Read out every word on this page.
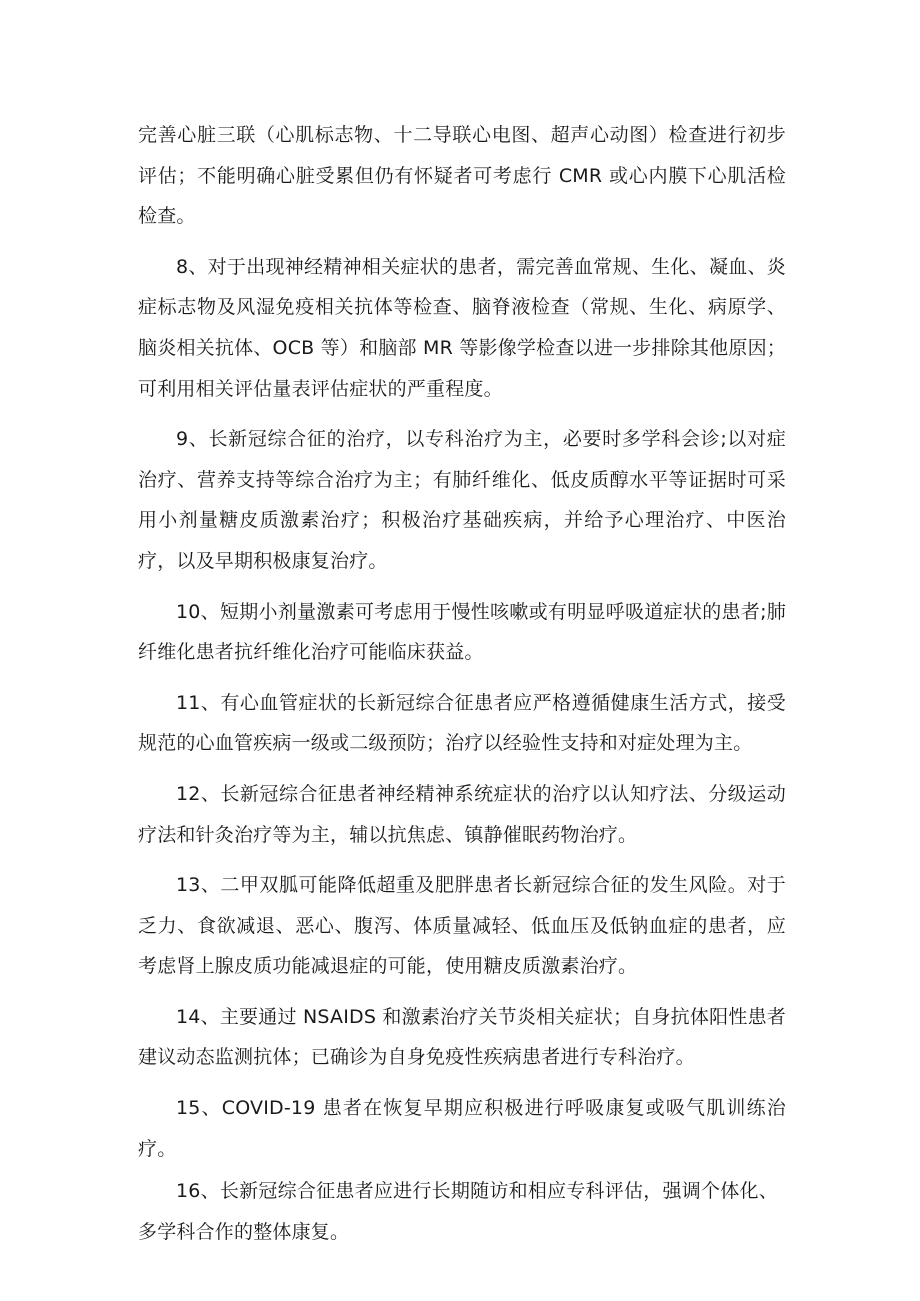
完善心脏三联（心肌标志物、十二导联心电图、超声心动图）检查进行初步评估；不能明确心脏受累但仍有怀疑者可考虑行 CMR 或心内膜下心肌活检检查。

8、对于出现神经精神相关症状的患者，需完善血常规、生化、凝血、炎症标志物及风湿免疫相关抗体等检查、脑脊液检查（常规、生化、病原学、脑炎相关抗体、OCB 等）和脑部 MR 等影像学检查以进一步排除其他原因；可利用相关评估量表评估症状的严重程度。

9、长新冠综合征的治疗，以专科治疗为主，必要时多学科会诊;以对症治疗、营养支持等综合治疗为主；有肺纤维化、低皮质醇水平等证据时可采用小剂量糖皮质激素治疗；积极治疗基础疾病，并给予心理治疗、中医治疗，以及早期积极康复治疗。

10、短期小剂量激素可考虑用于慢性咳嗽或有明显呼吸道症状的患者;肺纤维化患者抗纤维化治疗可能临床获益。

11、有心血管症状的长新冠综合征患者应严格遵循健康生活方式，接受规范的心血管疾病一级或二级预防；治疗以经验性支持和对症处理为主。

12、长新冠综合征患者神经精神系统症状的治疗以认知疗法、分级运动疗法和针灸治疗等为主，辅以抗焦虑、镇静催眠药物治疗。

13、二甲双胍可能降低超重及肥胖患者长新冠综合征的发生风险。对于乏力、食欲减退、恶心、腹泻、体质量减轻、低血压及低钠血症的患者，应考虑肾上腺皮质功能减退症的可能，使用糖皮质激素治疗。

14、主要通过 NSAIDS 和激素治疗关节炎相关症状；自身抗体阳性患者建议动态监测抗体；已确诊为自身免疫性疾病患者进行专科治疗。

15、COVID-19 患者在恢复早期应积极进行呼吸康复或吸气肌训练治疗。

16、长新冠综合征患者应进行长期随访和相应专科评估，强调个体化、多学科合作的整体康复。
